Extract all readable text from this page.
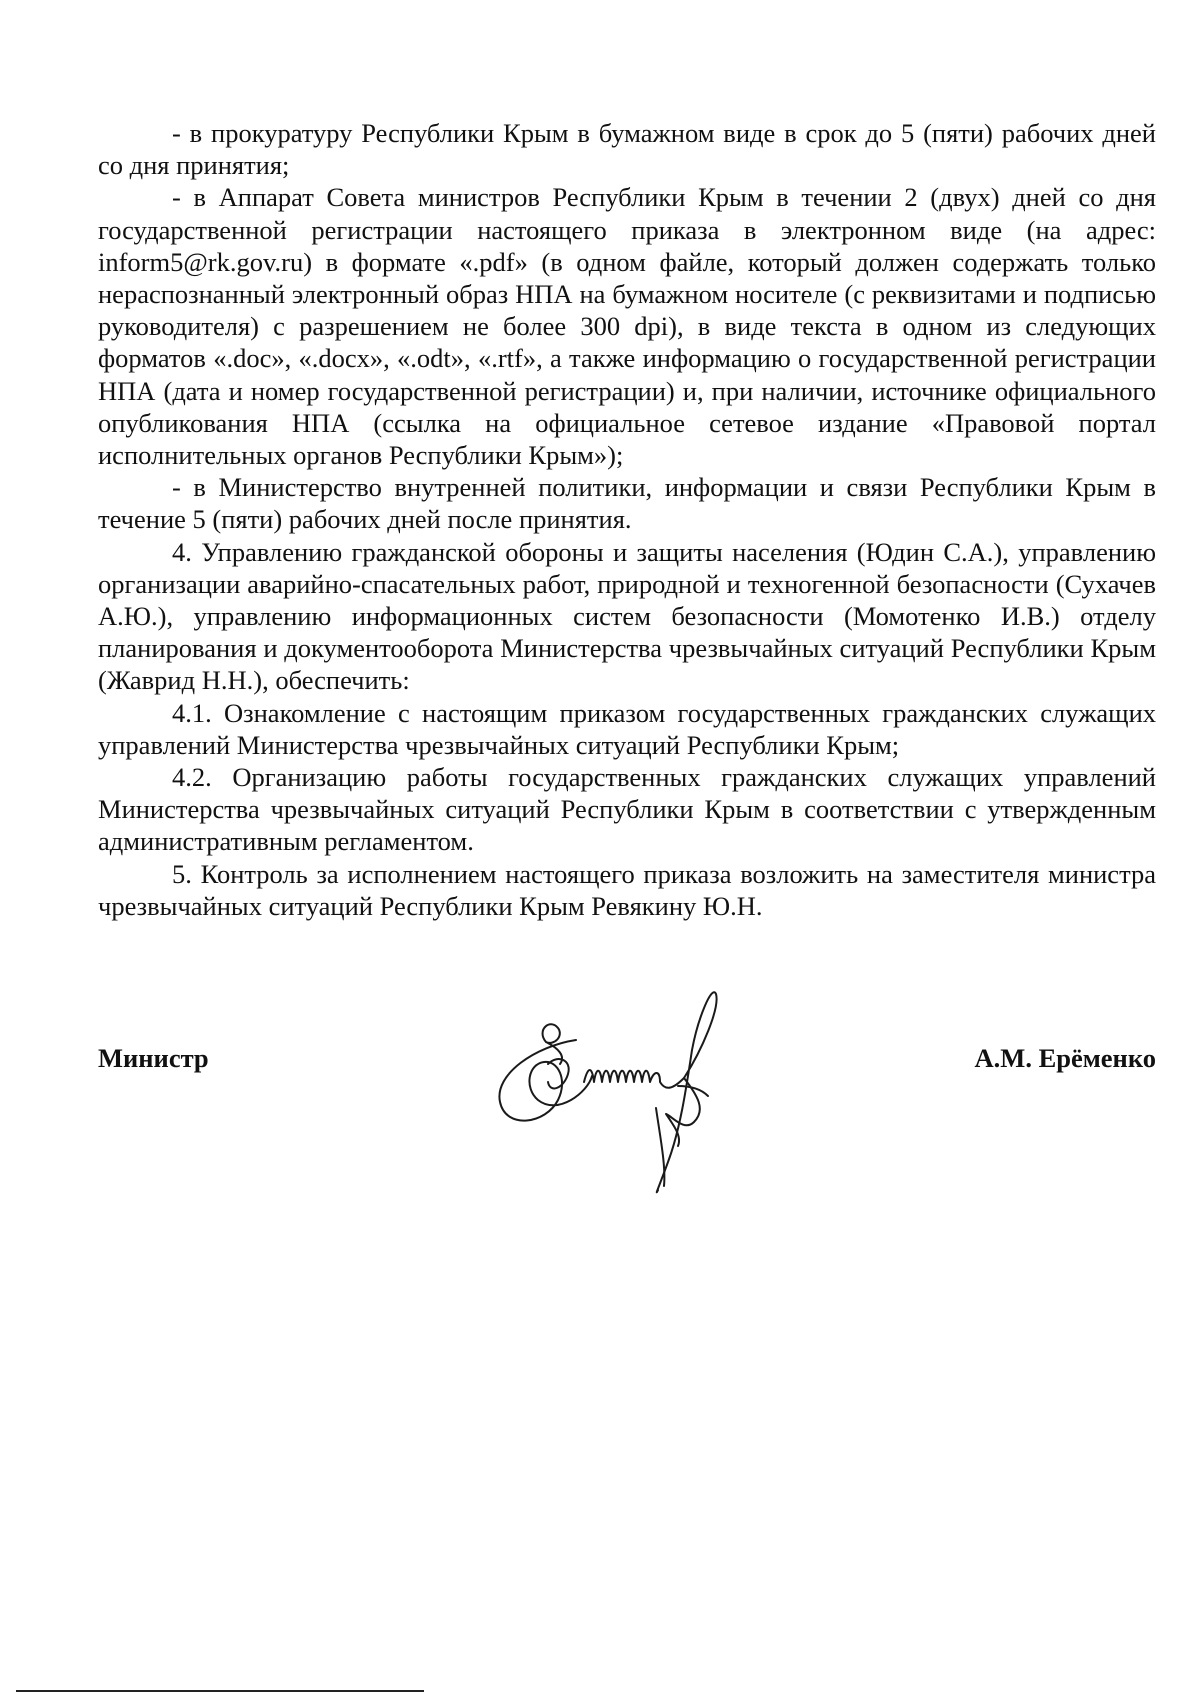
- в прокуратуру Республики Крым в бумажном виде в срок до 5 (пяти) рабочих дней со дня принятия;

- в Аппарат Совета министров Республики Крым в течении 2 (двух) дней со дня государственной регистрации настоящего приказа в электронном виде (на адрес: inform5@rk.gov.ru) в формате «.pdf» (в одном файле, который должен содержать только нераспознанный электронный образ НПА на бумажном носителе (с реквизитами и подписью руководителя) с разрешением не более 300 dpi), в виде текста в одном из следующих форматов «.doc», «.docx», «.odt», «.rtf», а также информацию о государственной регистрации НПА (дата и номер государственной регистрации) и, при наличии, источнике официального опубликования НПА (ссылка на официальное сетевое издание «Правовой портал исполнительных органов Республики Крым»);

- в Министерство внутренней политики, информации и связи Республики Крым в течение 5 (пяти) рабочих дней после принятия.

4. Управлению гражданской обороны и защиты населения (Юдин С.А.), управлению организации аварийно-спасательных работ, природной и техногенной безопасности (Сухачев А.Ю.), управлению информационных систем безопасности (Момотенко И.В.) отделу планирования и документооборота Министерства чрезвычайных ситуаций Республики Крым (Жаврид Н.Н.), обеспечить:

4.1. Ознакомление с настоящим приказом государственных гражданских служащих управлений Министерства чрезвычайных ситуаций Республики Крым;

4.2. Организацию работы государственных гражданских служащих управлений Министерства чрезвычайных ситуаций Республики Крым в соответствии с утвержденным административным регламентом.

5. Контроль за исполнением настоящего приказа возложить на заместителя министра чрезвычайных ситуаций Республики Крым Ревякину Ю.Н.

Министр	А.М. Ерёменко
